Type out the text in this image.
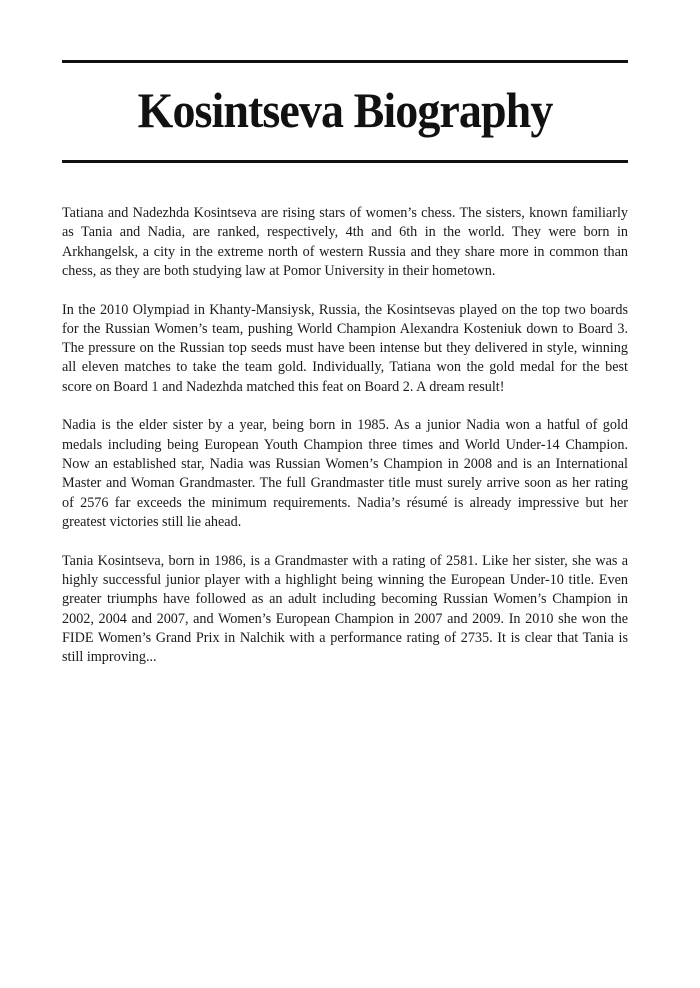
Kosintseva Biography

Tatiana and Nadezhda Kosintseva are rising stars of women’s chess. The sisters, known familiarly as Tania and Nadia, are ranked, respectively, 4th and 6th in the world. They were born in Arkhangelsk, a city in the extreme north of western Russia and they share more in common than chess, as they are both studying law at Pomor University in their hometown.

In the 2010 Olympiad in Khanty-Mansiysk, Russia, the Kosintsevas played on the top two boards for the Russian Women’s team, pushing World Champion Alexandra Kosteniuk down to Board 3. The pressure on the Russian top seeds must have been intense but they delivered in style, winning all eleven matches to take the team gold. Individually, Tatiana won the gold medal for the best score on Board 1 and Nadezhda matched this feat on Board 2. A dream result!

Nadia is the elder sister by a year, being born in 1985. As a junior Nadia won a hatful of gold medals including being European Youth Champion three times and World Under-14 Champion. Now an established star, Nadia was Russian Women’s Champion in 2008 and is an International Master and Woman Grandmaster. The full Grandmaster title must surely arrive soon as her rating of 2576 far exceeds the minimum requirements. Nadia’s résumé is already impressive but her greatest victories still lie ahead.

Tania Kosintseva, born in 1986, is a Grandmaster with a rating of 2581. Like her sister, she was a highly successful junior player with a highlight being winning the European Under-10 title. Even greater triumphs have followed as an adult including becoming Russian Women’s Champion in 2002, 2004 and 2007, and Women’s European Champion in 2007 and 2009. In 2010 she won the FIDE Women’s Grand Prix in Nalchik with a performance rating of 2735. It is clear that Tania is still improving...
